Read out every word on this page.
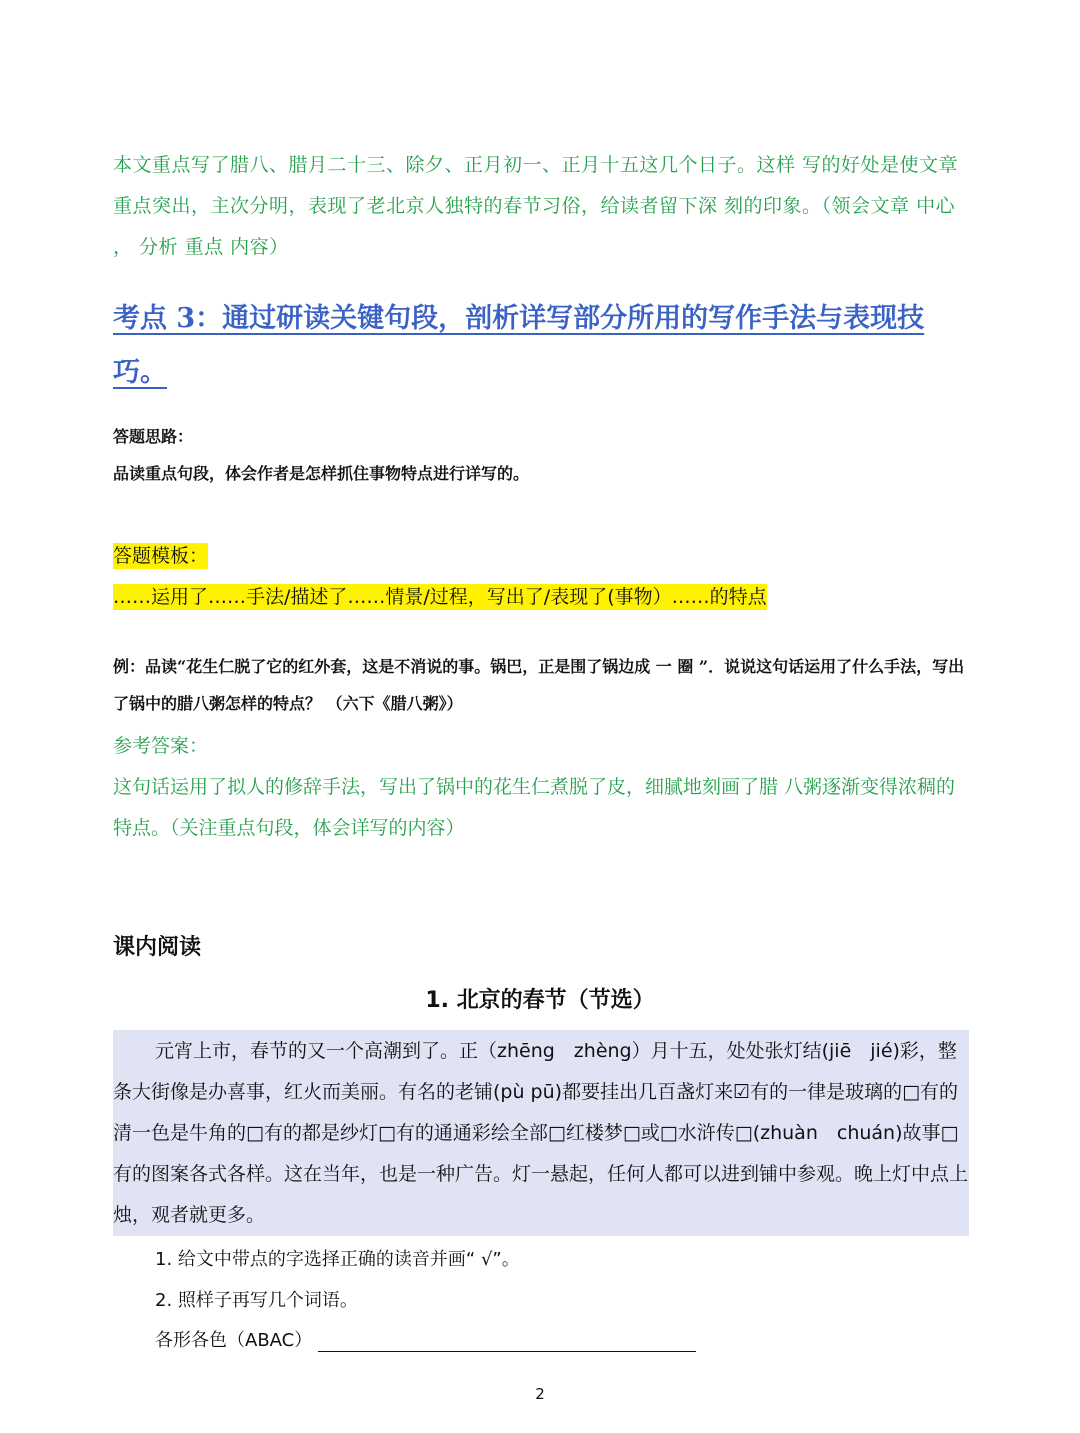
本文重点写了腊八、腊月二十三、除夕、正月初一、正月十五这几个日子。这样 写的好处是使文章重点突出，主次分明，表现了老北京人独特的春节习俗，给读者留下深 刻的印象。（领会文章 中心 ， 分析 重点 内容）

考点 3：通过研读关键句段，剖析详写部分所用的写作手法与表现技巧。

答题思路：

品读重点句段，体会作者是怎样抓住事物特点进行详写的。

答题模板：

……运用了……手法/描述了……情景/过程，写出了/表现了(事物）……的特点

例：品读“花生仁脱了它的红外套，这是不消说的事。锅巴，正是围了锅边成 一 圈 ”．说说这句话运用了什么手法，写出了锅中的腊八粥怎样的特点？ （六下《腊八粥》）

参考答案：

这句话运用了拟人的修辞手法，写出了锅中的花生仁煮脱了皮，细腻地刻画了腊 八粥逐渐变得浓稠的特点。（关注重点句段，体会详写的内容）

课内阅读

1. 北京的春节（节选）

元宵上市，春节的又一个高潮到了。正（zhēng　zhèng）月十五，处处张灯结(jiē　jié)彩，整条大街像是办喜事，红火而美丽。有名的老铺(pù pū)都要挂出几百盏灯来☑有的一律是玻璃的□有的清一色是牛角的□有的都是纱灯□有的通通彩绘全部□红楼梦□或□水浒传□(zhuàn　chuán)故事□有的图案各式各样。这在当年，也是一种广告。灯一悬起，任何人都可以进到铺中参观。晚上灯中点上烛，观者就更多。

1. 给文中带点的字选择正确的读音并画“ √”。

2. 照样子再写几个词语。

各形各色（ABAC）

2
